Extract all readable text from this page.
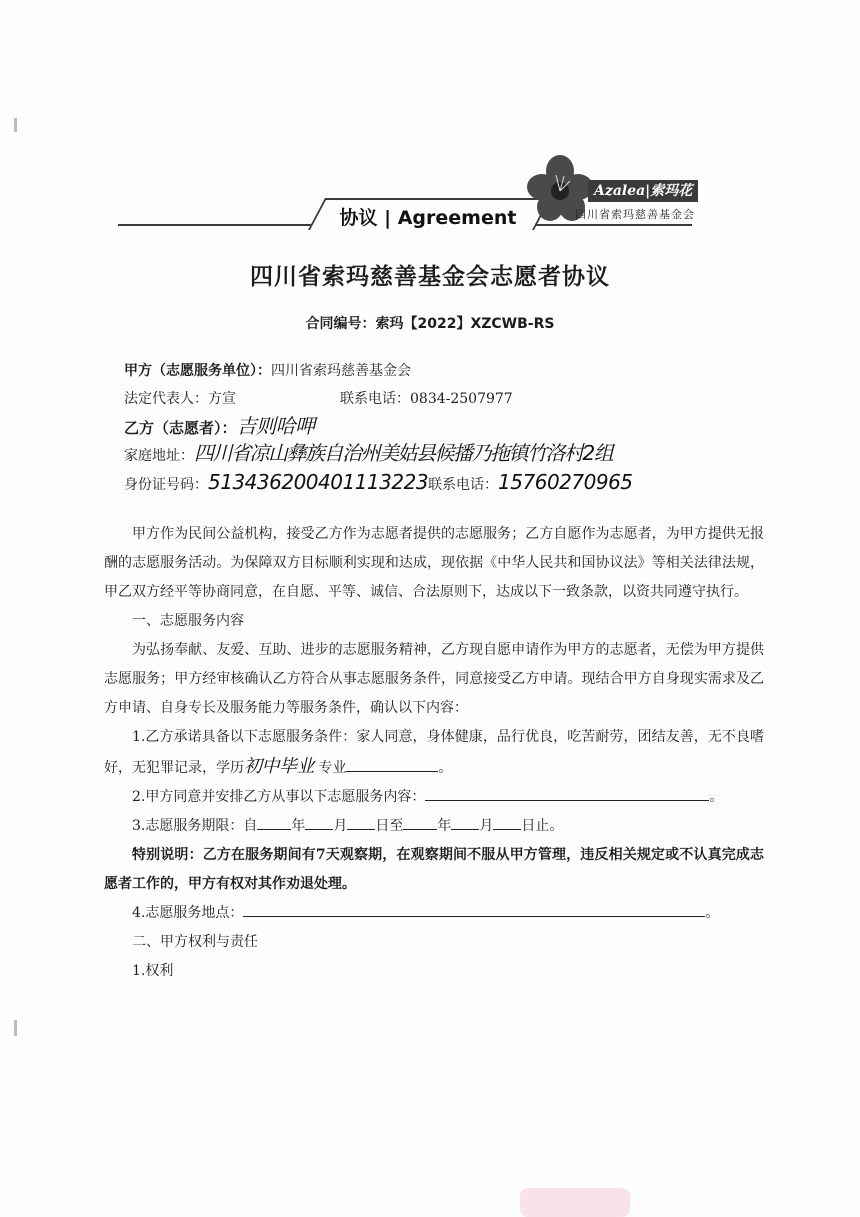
协议 | Agreement
Azalea|索玛花
四川省索玛慈善基金会
四川省索玛慈善基金会志愿者协议
合同编号：索玛【2022】XZCWB-RS
甲方（志愿服务单位）：四川省索玛慈善基金会
法定代表人：方宣	联系电话：0834-2507977
乙方（志愿者）：吉则哈呷
家庭地址：四川省凉山彝族自治州美姑县候播乃拖镇竹洛村2组
身份证号码：513436200401113223联系电话：15760270965

甲方作为民间公益机构，接受乙方作为志愿者提供的志愿服务；乙方自愿作为志愿者，为甲方提供无报酬的志愿服务活动。为保障双方目标顺利实现和达成，现依据《中华人民共和国协议法》等相关法律法规，甲乙双方经平等协商同意，在自愿、平等、诚信、合法原则下，达成以下一致条款，以资共同遵守执行。

一、志愿服务内容

为弘扬奉献、友爱、互助、进步的志愿服务精神，乙方现自愿申请作为甲方的志愿者，无偿为甲方提供志愿服务；甲方经审核确认乙方符合从事志愿服务条件，同意接受乙方申请。现结合甲方自身现实需求及乙方申请、自身专长及服务能力等服务条件，确认以下内容：

1.乙方承诺具备以下志愿服务条件：家人同意，身体健康，品行优良，吃苦耐劳，团结友善，无不良嗜好，无犯罪记录，学历初中毕业 专业	。

2.甲方同意并安排乙方从事以下志愿服务内容：	。

3.志愿服务期限：自 年 月 日至 年 月 日止。

特别说明：乙方在服务期间有7天观察期，在观察期间不服从甲方管理，违反相关规定或不认真完成志愿者工作的，甲方有权对其作劝退处理。

4.志愿服务地点：	。

二、甲方权利与责任

1.权利
